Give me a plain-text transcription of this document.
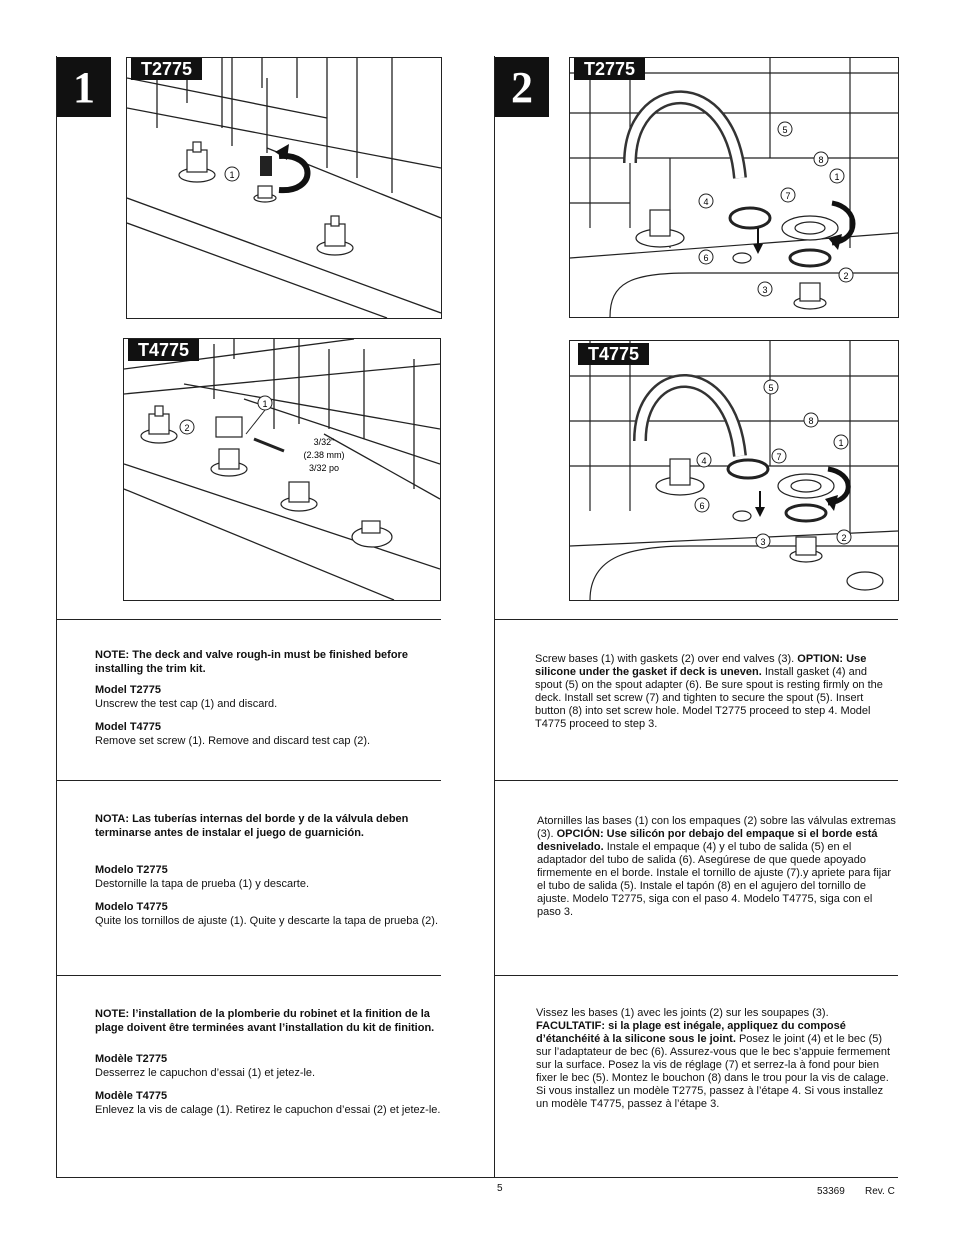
1	2
1
T2775
2
1
3/32"
(2.38 mm)
3/32 po
T4775
5
8
1
7
4
6
2
3
T2775
5
8
1
7
4
6
2
3
T4775
NOTE: The deck and valve rough-in must be finished before installing the trim kit.
Model T2775
Unscrew the test cap (1) and discard.
Model T4775
Remove set screw (1). Remove and discard test cap (2).
Screw bases (1) with gaskets (2) over end valves (3). OPTION: Use silicone under the gasket if deck is uneven. Install gasket (4) and spout (5) on the spout adapter (6). Be sure spout is resting firmly on the deck. Install set screw (7) and tighten to secure the spout (5). Insert button (8) into set screw hole. Model T2775 proceed to step 4. Model T4775 proceed to step 3.
NOTA: Las tuberías internas del borde y de la válvula deben terminarse antes de instalar el juego de guarnición.
Modelo T2775
Destornille la tapa de prueba (1) y descarte.
Modelo T4775
Quite los tornillos de ajuste (1). Quite y descarte la tapa de prueba (2).
Atornilles las bases (1) con los empaques (2) sobre las válvulas extremas (3). OPCIÓN: Use silicón por debajo del empaque si el borde está desnivelado. Instale el empaque (4) y el tubo de salida (5) en el adaptador del tubo de salida (6). Asegúrese de que quede apoyado firmemente en el borde. Instale el tornillo de ajuste (7).y apriete para fijar el tubo de salida (5). Instale el tapón (8) en el agujero del tornillo de ajuste. Modelo T2775, siga con el paso 4. Modelo T4775, siga con el paso 3.
NOTE: l’installation de la plomberie du robinet et la finition de la plage doivent être terminées avant l’installation du kit de finition.
Modèle T2775
Desserrez le capuchon d’essai (1) et jetez-le.
Modèle T4775
Enlevez la vis de calage (1). Retirez le capuchon d’essai (2) et jetez-le.
Vissez les bases (1) avec les joints (2) sur les soupapes (3). FACULTATIF: si la plage est inégale, appliquez du composé d’étanchéité à la silicone sous le joint. Posez le joint (4) et le bec (5) sur l’adaptateur de bec (6). Assurez-vous que le bec s’appuie fermement sur la surface. Posez la vis de réglage (7) et serrez-la à fond pour bien fixer le bec (5). Montez le bouchon (8) dans le trou pour la vis de calage. Si vous installez un modèle T2775, passez à l’étape 4. Si vous installez un modèle T4775, passez à l’étape 3.
5	53369 Rev. C
